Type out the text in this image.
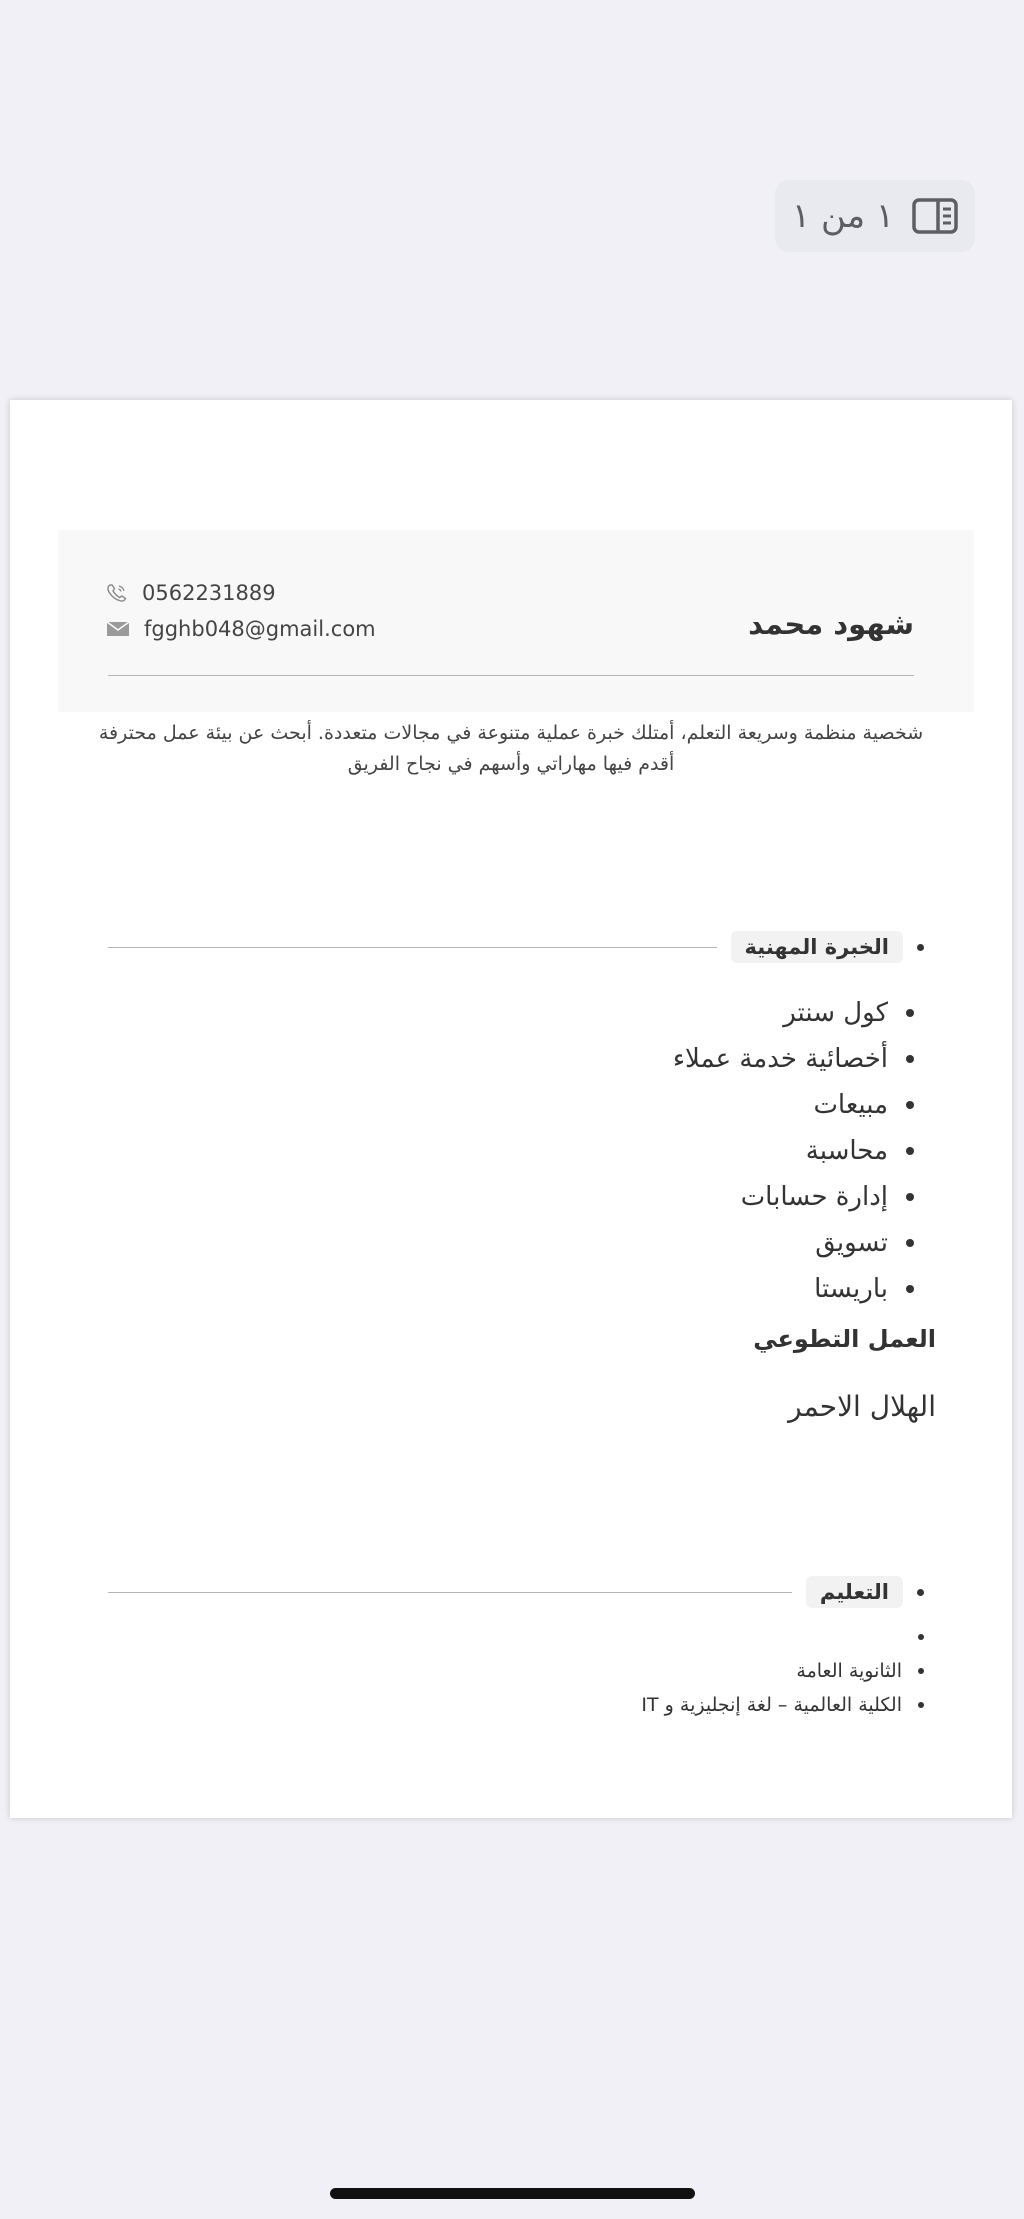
١ من ١
شهود محمد
0562231889
fgghb048@gmail.com
شخصية منظمة وسريعة التعلم، أمتلك خبرة عملية متنوعة في مجالات متعددة. أبحث عن بيئة عمل محترفة
أقدم فيها مهاراتي وأسهم في نجاح الفريق
الخبرة المهنية
كول سنتر
أخصائية خدمة عملاء
مبيعات
محاسبة
إدارة حسابات
تسويق
باريستا
العمل التطوعي
الهلال الاحمر
التعليم
الثانوية العامة
الكلية العالمية – لغة إنجليزية و IT
